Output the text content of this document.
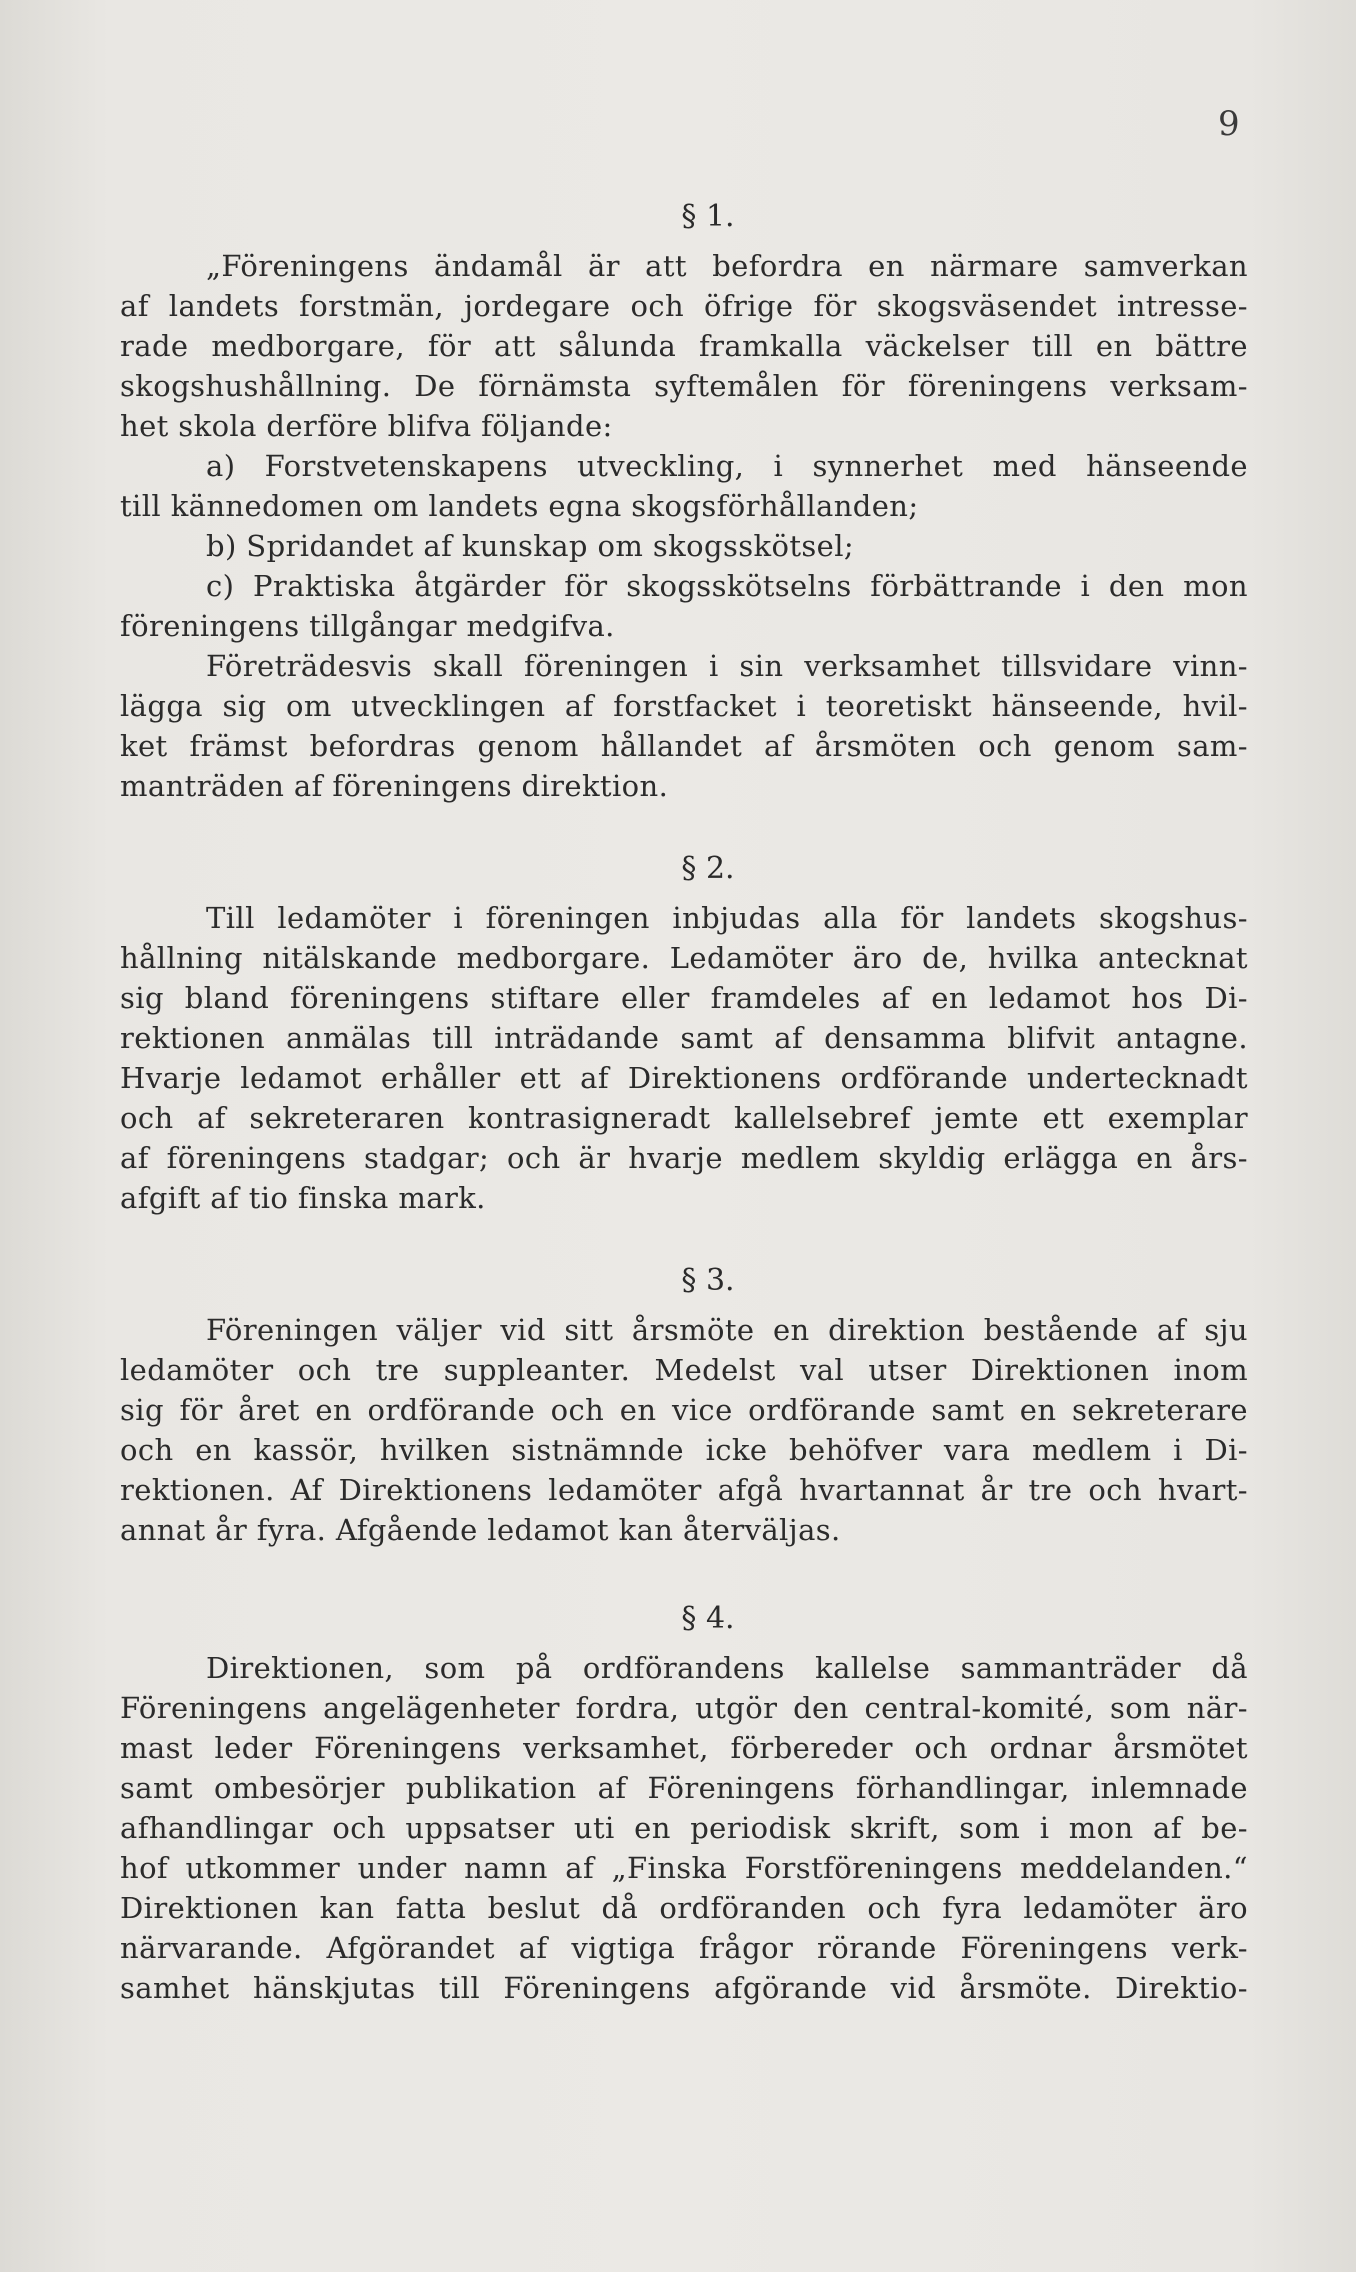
9
§ 1.
„Föreningens ändamål är att befordra en närmare samverkan
af landets forstmän, jordegare och öfrige för skogsväsendet intresse-
rade medborgare, för att sålunda framkalla väckelser till en bättre
skogshushållning. De förnämsta syftemålen för föreningens verksam-
het skola derföre blifva följande:
a) Forstvetenskapens utveckling, i synnerhet med hänseende
till kännedomen om landets egna skogsförhållanden;
b) Spridandet af kunskap om skogsskötsel;
c) Praktiska åtgärder för skogsskötselns förbättrande i den mon
föreningens tillgångar medgifva.
Företrädesvis skall föreningen i sin verksamhet tillsvidare vinn-
lägga sig om utvecklingen af forstfacket i teoretiskt hänseende, hvil-
ket främst befordras genom hållandet af årsmöten och genom sam-
manträden af föreningens direktion.
§ 2.
Till ledamöter i föreningen inbjudas alla för landets skogshus-
hållning nitälskande medborgare. Ledamöter äro de, hvilka antecknat
sig bland föreningens stiftare eller framdeles af en ledamot hos Di-
rektionen anmälas till inträdande samt af densamma blifvit antagne.
Hvarje ledamot erhåller ett af Direktionens ordförande undertecknadt
och af sekreteraren kontrasigneradt kallelsebref jemte ett exemplar
af föreningens stadgar; och är hvarje medlem skyldig erlägga en års-
afgift af tio finska mark.
§ 3.
Föreningen väljer vid sitt årsmöte en direktion bestående af sju
ledamöter och tre suppleanter. Medelst val utser Direktionen inom
sig för året en ordförande och en vice ordförande samt en sekreterare
och en kassör, hvilken sistnämnde icke behöfver vara medlem i Di-
rektionen. Af Direktionens ledamöter afgå hvartannat år tre och hvart-
annat år fyra. Afgående ledamot kan återväljas.
§ 4.
Direktionen, som på ordförandens kallelse sammanträder då
Föreningens angelägenheter fordra, utgör den central-komité, som när-
mast leder Föreningens verksamhet, förbereder och ordnar årsmötet
samt ombesörjer publikation af Föreningens förhandlingar, inlemnade
afhandlingar och uppsatser uti en periodisk skrift, som i mon af be-
hof utkommer under namn af „Finska Forstföreningens meddelanden.“
Direktionen kan fatta beslut då ordföranden och fyra ledamöter äro
närvarande. Afgörandet af vigtiga frågor rörande Föreningens verk-
samhet hänskjutas till Föreningens afgörande vid årsmöte. Direktio-
